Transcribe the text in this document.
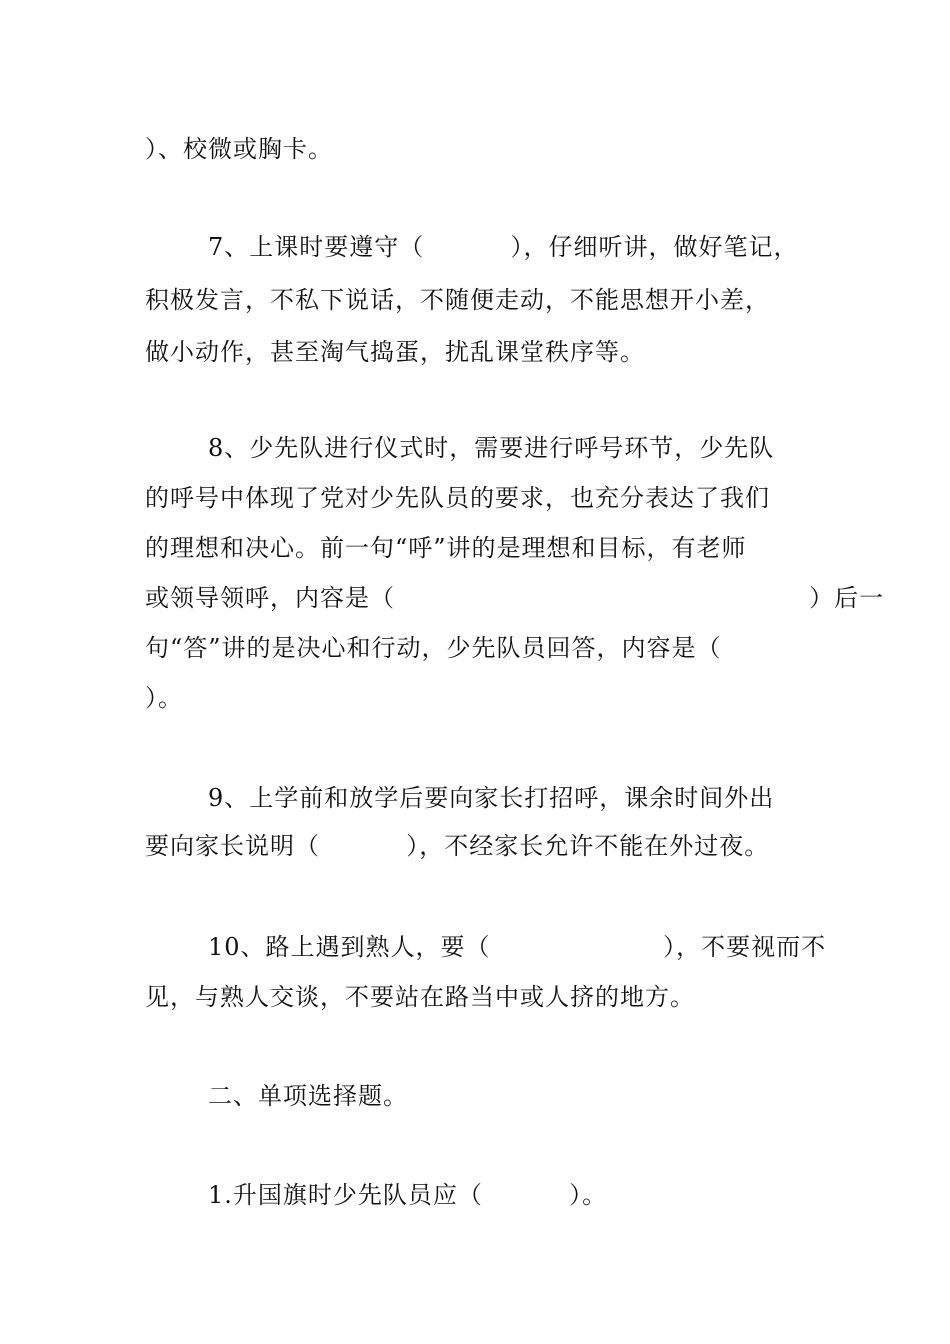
）、校微或胸卡。
7、上课时要遵守（          ），仔细听讲，做好笔记，
积极发言，不私下说话，不随便走动，不能思想开小差，
做小动作，甚至淘气捣蛋，扰乱课堂秩序等。
8、少先队进行仪式时，需要进行呼号环节，少先队
的呼号中体现了党对少先队员的要求，也充分表达了我们
的理想和决心。前一句“呼”讲的是理想和目标，有老师
或领导领呼，内容是（                                                ）后一
句“答”讲的是决心和行动，少先队员回答，内容是（
）。
9、上学前和放学后要向家长打招呼，课余时间外出
要向家长说明（          ），不经家长允许不能在外过夜。
10、路上遇到熟人，要（                    ），不要视而不
见，与熟人交谈，不要站在路当中或人挤的地方。
二、单项选择题。
1.升国旗时少先队员应（          ）。
